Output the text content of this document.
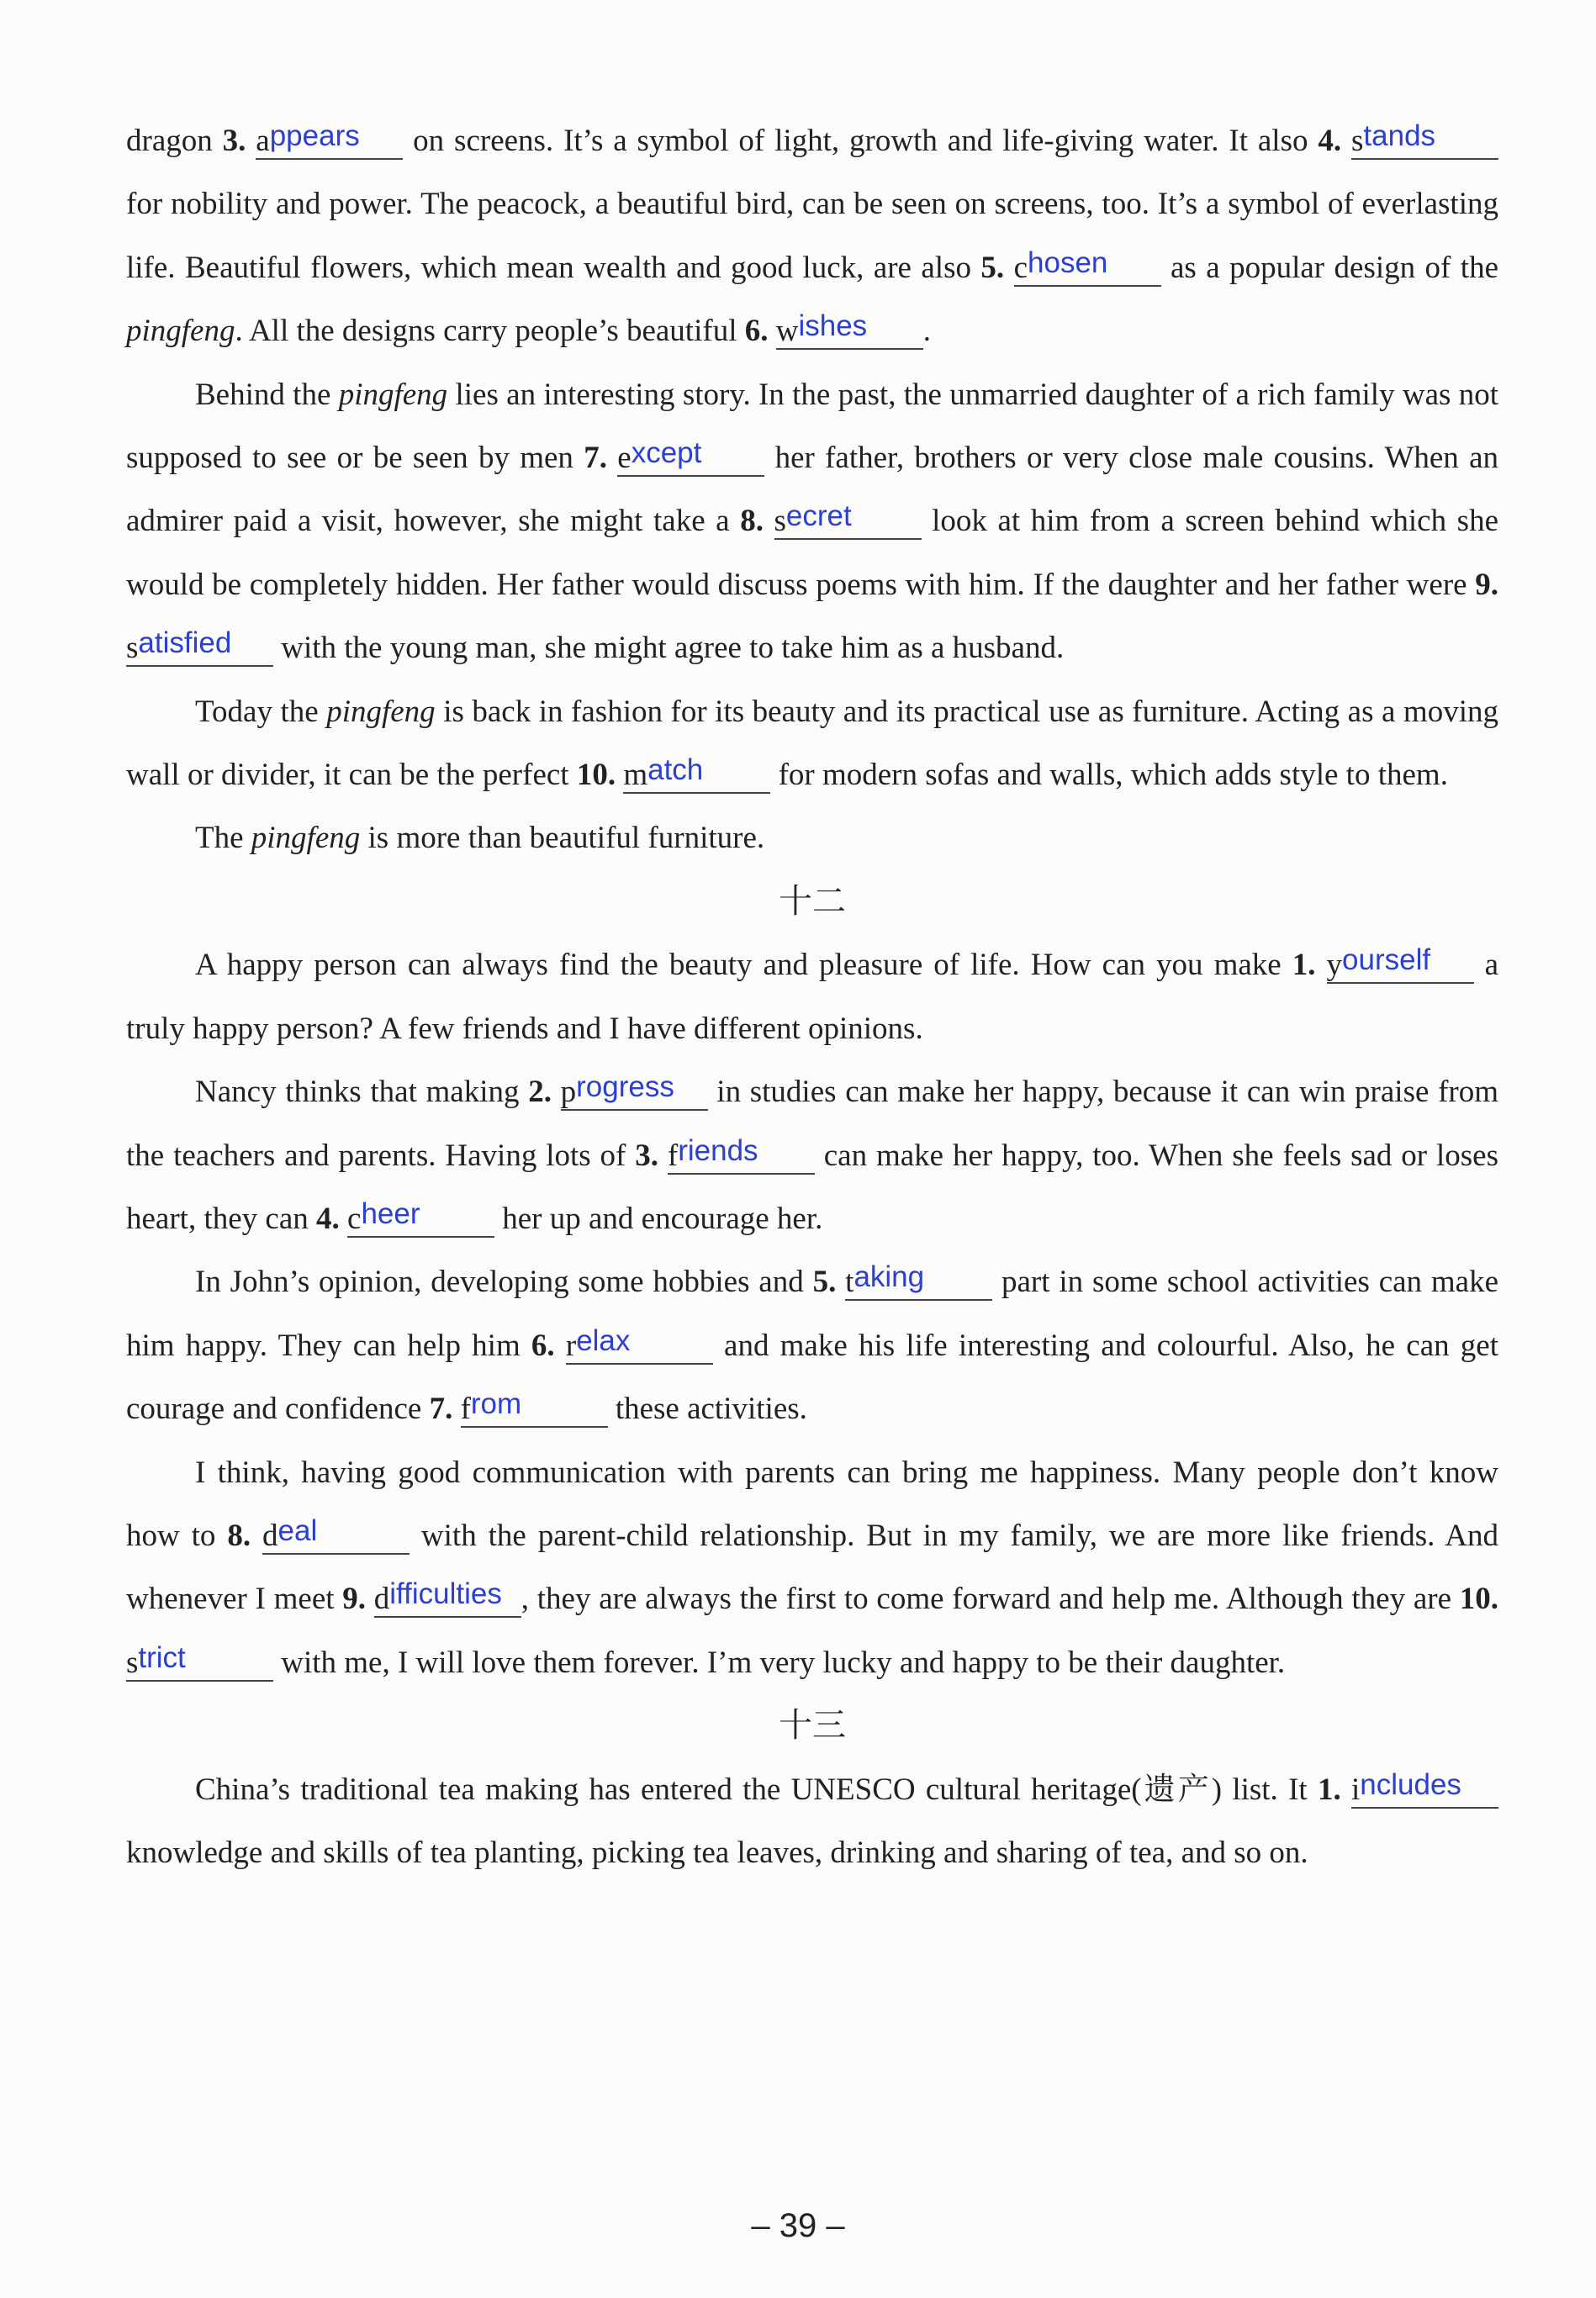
dragon 3. appears on screens. It’s a symbol of light, growth and life-giving water. It also 4. stands for nobility and power. The peacock, a beautiful bird, can be seen on screens, too. It’s a symbol of everlasting life. Beautiful flowers, which mean wealth and good luck, are also 5. chosen as a popular design of the pingfeng. All the designs carry people’s beautiful 6. wishes .

Behind the pingfeng lies an interesting story. In the past, the unmarried daughter of a rich family was not supposed to see or be seen by men 7. except her father, brothers or very close male cousins. When an admirer paid a visit, however, she might take a 8. secret look at him from a screen behind which she would be completely hidden. Her father would discuss poems with him. If the daughter and her father were 9. satisfied with the young man, she might agree to take him as a husband.

Today the pingfeng is back in fashion for its beauty and its practical use as furniture. Acting as a moving wall or divider, it can be the perfect 10. match for modern sofas and walls, which adds style to them.

The pingfeng is more than beautiful furniture.

十二

A happy person can always find the beauty and pleasure of life. How can you make 1. yourself a truly happy person? A few friends and I have different opinions.

Nancy thinks that making 2. progress in studies can make her happy, because it can win praise from the teachers and parents. Having lots of 3. friends can make her happy, too. When she feels sad or loses heart, they can 4. cheer her up and encourage her.

In John’s opinion, developing some hobbies and 5. taking part in some school activities can make him happy. They can help him 6. relax	and make his life interesting and colourful. Also, he can get courage and confidence 7. from	these activities.

I think, having good communication with parents can bring me happiness. Many people don’t know how to 8. deal	with the parent-child relationship. But in my family, we are more like friends. And whenever I meet 9. difficulties , they are always the first to come forward and help me. Although they are 10. strict	with me, I will love them forever. I’m very lucky and happy to be their daughter.

十三

China’s traditional tea making has entered the UNESCO cultural heritage(遗产) list. It 1. includes knowledge and skills of tea planting, picking tea leaves, drinking and sharing of tea, and so on.

– 39 –
